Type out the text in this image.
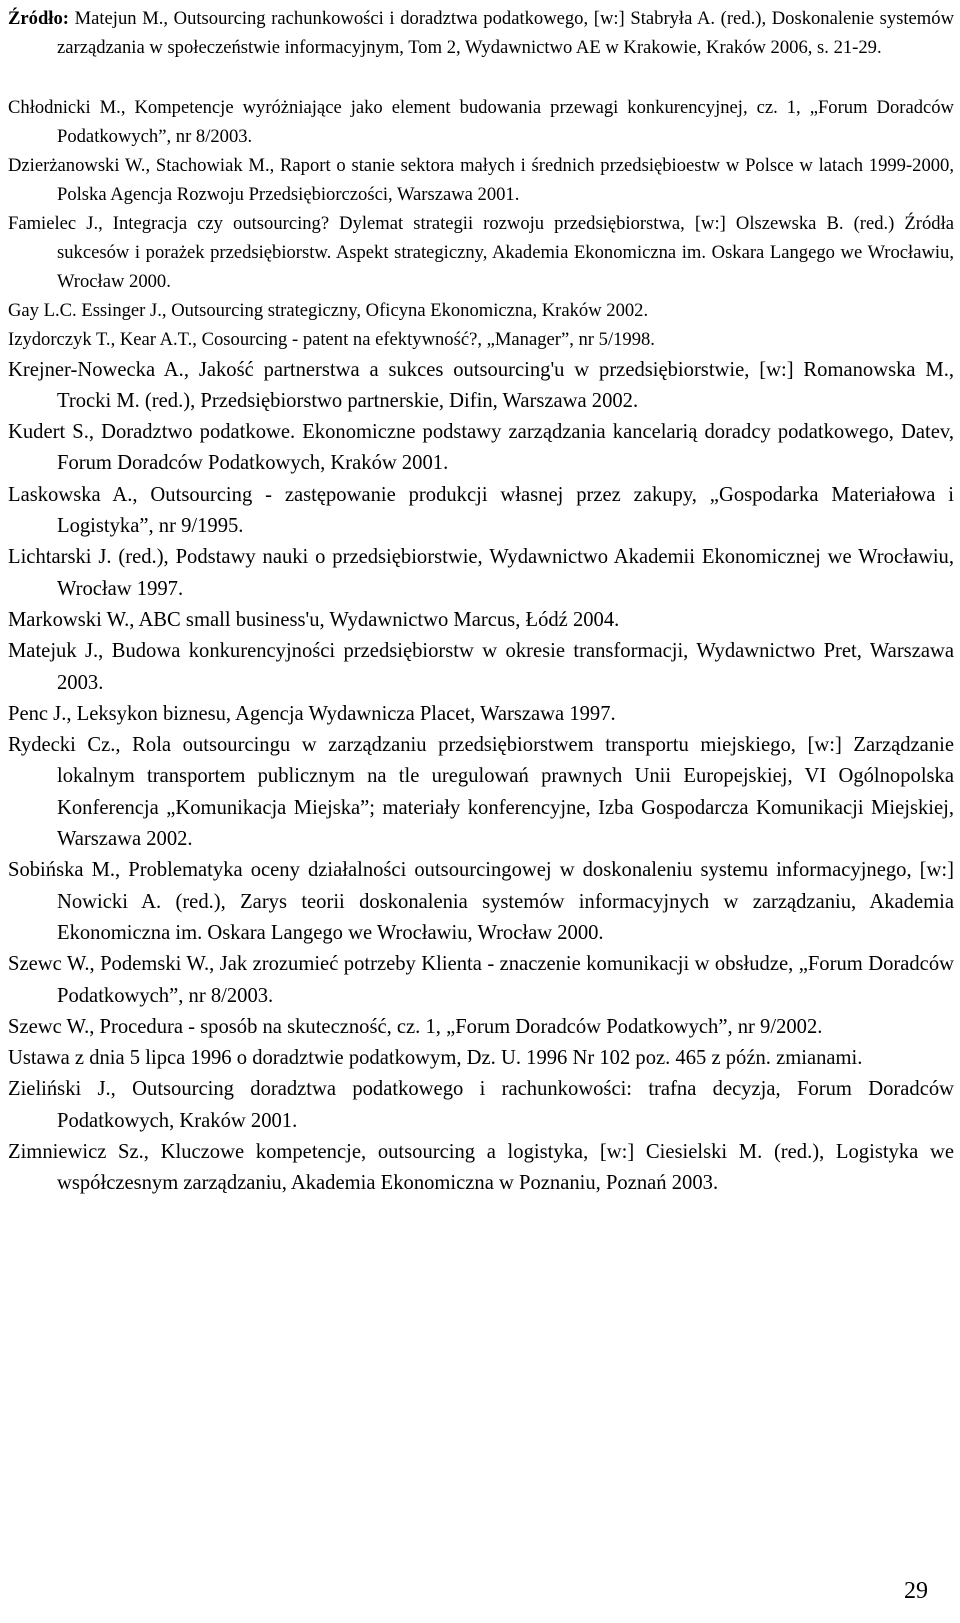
Źródło: Matejun M., Outsourcing rachunkowości i doradztwa podatkowego, [w:] Stabryła A. (red.), Doskonalenie systemów zarządzania w społeczeństwie informacyjnym, Tom 2, Wydawnictwo AE w Krakowie, Kraków 2006, s. 21-29.

Chłodnicki M., Kompetencje wyróżniające jako element budowania przewagi konkurencyjnej, cz. 1, „Forum Doradców Podatkowych”, nr 8/2003.
Dzierżanowski W., Stachowiak M., Raport o stanie sektora małych i średnich przedsiębioestw w Polsce w latach 1999-2000, Polska Agencja Rozwoju Przedsiębiorczości, Warszawa 2001.
Famielec J., Integracja czy outsourcing? Dylemat strategii rozwoju przedsiębiorstwa, [w:] Olszewska B. (red.) Źródła sukcesów i porażek przedsiębiorstw. Aspekt strategiczny, Akademia Ekonomiczna im. Oskara Langego we Wrocławiu, Wrocław 2000.
Gay L.C. Essinger J., Outsourcing strategiczny, Oficyna Ekonomiczna, Kraków 2002.
Izydorczyk T., Kear A.T., Cosourcing - patent na efektywność?, „Manager”, nr 5/1998.
Krejner-Nowecka A., Jakość partnerstwa a sukces outsourcing'u w przedsiębiorstwie, [w:] Romanowska M., Trocki M. (red.), Przedsiębiorstwo partnerskie, Difin, Warszawa 2002.
Kudert S., Doradztwo podatkowe. Ekonomiczne podstawy zarządzania kancelarią doradcy podatkowego, Datev, Forum Doradców Podatkowych, Kraków 2001.
Laskowska A., Outsourcing - zastępowanie produkcji własnej przez zakupy, „Gospodarka Materiałowa i Logistyka”, nr 9/1995.
Lichtarski J. (red.), Podstawy nauki o przedsiębiorstwie, Wydawnictwo Akademii Ekonomicznej we Wrocławiu, Wrocław 1997.
Markowski W., ABC small business'u, Wydawnictwo Marcus, Łódź 2004.
Matejuk J., Budowa konkurencyjności przedsiębiorstw w okresie transformacji, Wydawnictwo Pret, Warszawa 2003.
Penc J., Leksykon biznesu, Agencja Wydawnicza Placet, Warszawa 1997.
Rydecki Cz., Rola outsourcingu w zarządzaniu przedsiębiorstwem transportu miejskiego, [w:] Zarządzanie lokalnym transportem publicznym na tle uregulowań prawnych Unii Europejskiej, VI Ogólnopolska Konferencja „Komunikacja Miejska”; materiały konferencyjne, Izba Gospodarcza Komunikacji Miejskiej, Warszawa 2002.
Sobińska M., Problematyka oceny działalności outsourcingowej w doskonaleniu systemu informacyjnego, [w:] Nowicki A. (red.), Zarys teorii doskonalenia systemów informacyjnych w zarządzaniu, Akademia Ekonomiczna im. Oskara Langego we Wrocławiu, Wrocław 2000.
Szewc W., Podemski W., Jak zrozumieć potrzeby Klienta - znaczenie komunikacji w obsłudze, „Forum Doradców Podatkowych”, nr 8/2003.
Szewc W., Procedura - sposób na skuteczność, cz. 1, „Forum Doradców Podatkowych”, nr 9/2002.
Ustawa z dnia 5 lipca 1996 o doradztwie podatkowym, Dz. U. 1996 Nr 102 poz. 465 z późn. zmianami.
Zieliński J., Outsourcing doradztwa podatkowego i rachunkowości: trafna decyzja, Forum Doradców Podatkowych, Kraków 2001.
Zimniewicz Sz., Kluczowe kompetencje, outsourcing a logistyka, [w:] Ciesielski M. (red.), Logistyka we współczesnym zarządzaniu, Akademia Ekonomiczna w Poznaniu, Poznań 2003.
29
